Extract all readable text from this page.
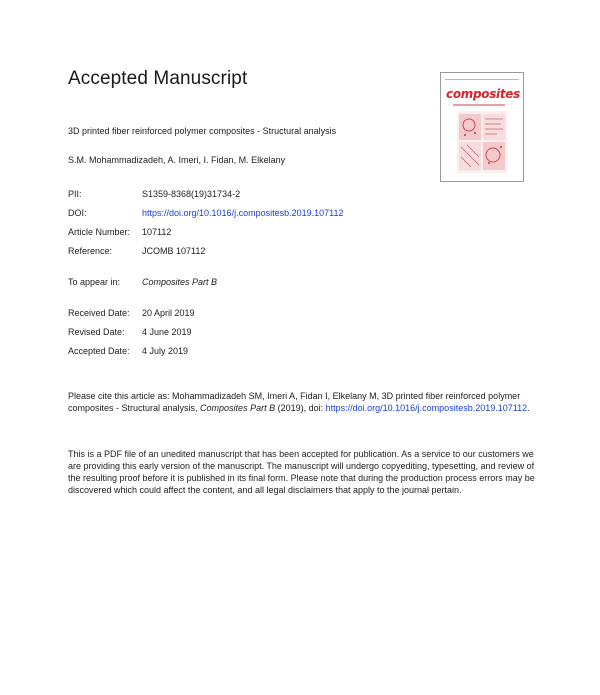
Accepted Manuscript
composites
3D printed fiber reinforced polymer composites - Structural analysis
S.M. Mohammadizadeh, A. Imeri, I. Fidan, M. Elkelany
PII:	S1359-8368(19)31734-2
DOI:	https://doi.org/10.1016/j.compositesb.2019.107112
Article Number:	107112
Reference:	JCOMB 107112
To appear in:	Composites Part B
Received Date:	20 April 2019
Revised Date:	4 June 2019
Accepted Date:	4 July 2019
Please cite this article as: Mohammadizadeh SM, Imeri A, Fidan I, Elkelany M, 3D printed fiber reinforced polymer composites - Structural analysis, Composites Part B (2019), doi: https://doi.org/10.1016/j.compositesb.2019.107112.
This is a PDF file of an unedited manuscript that has been accepted for publication. As a service to our customers we are providing this early version of the manuscript. The manuscript will undergo copyediting, typesetting, and review of the resulting proof before it is published in its final form. Please note that during the production process errors may be discovered which could affect the content, and all legal disclaimers that apply to the journal pertain.
